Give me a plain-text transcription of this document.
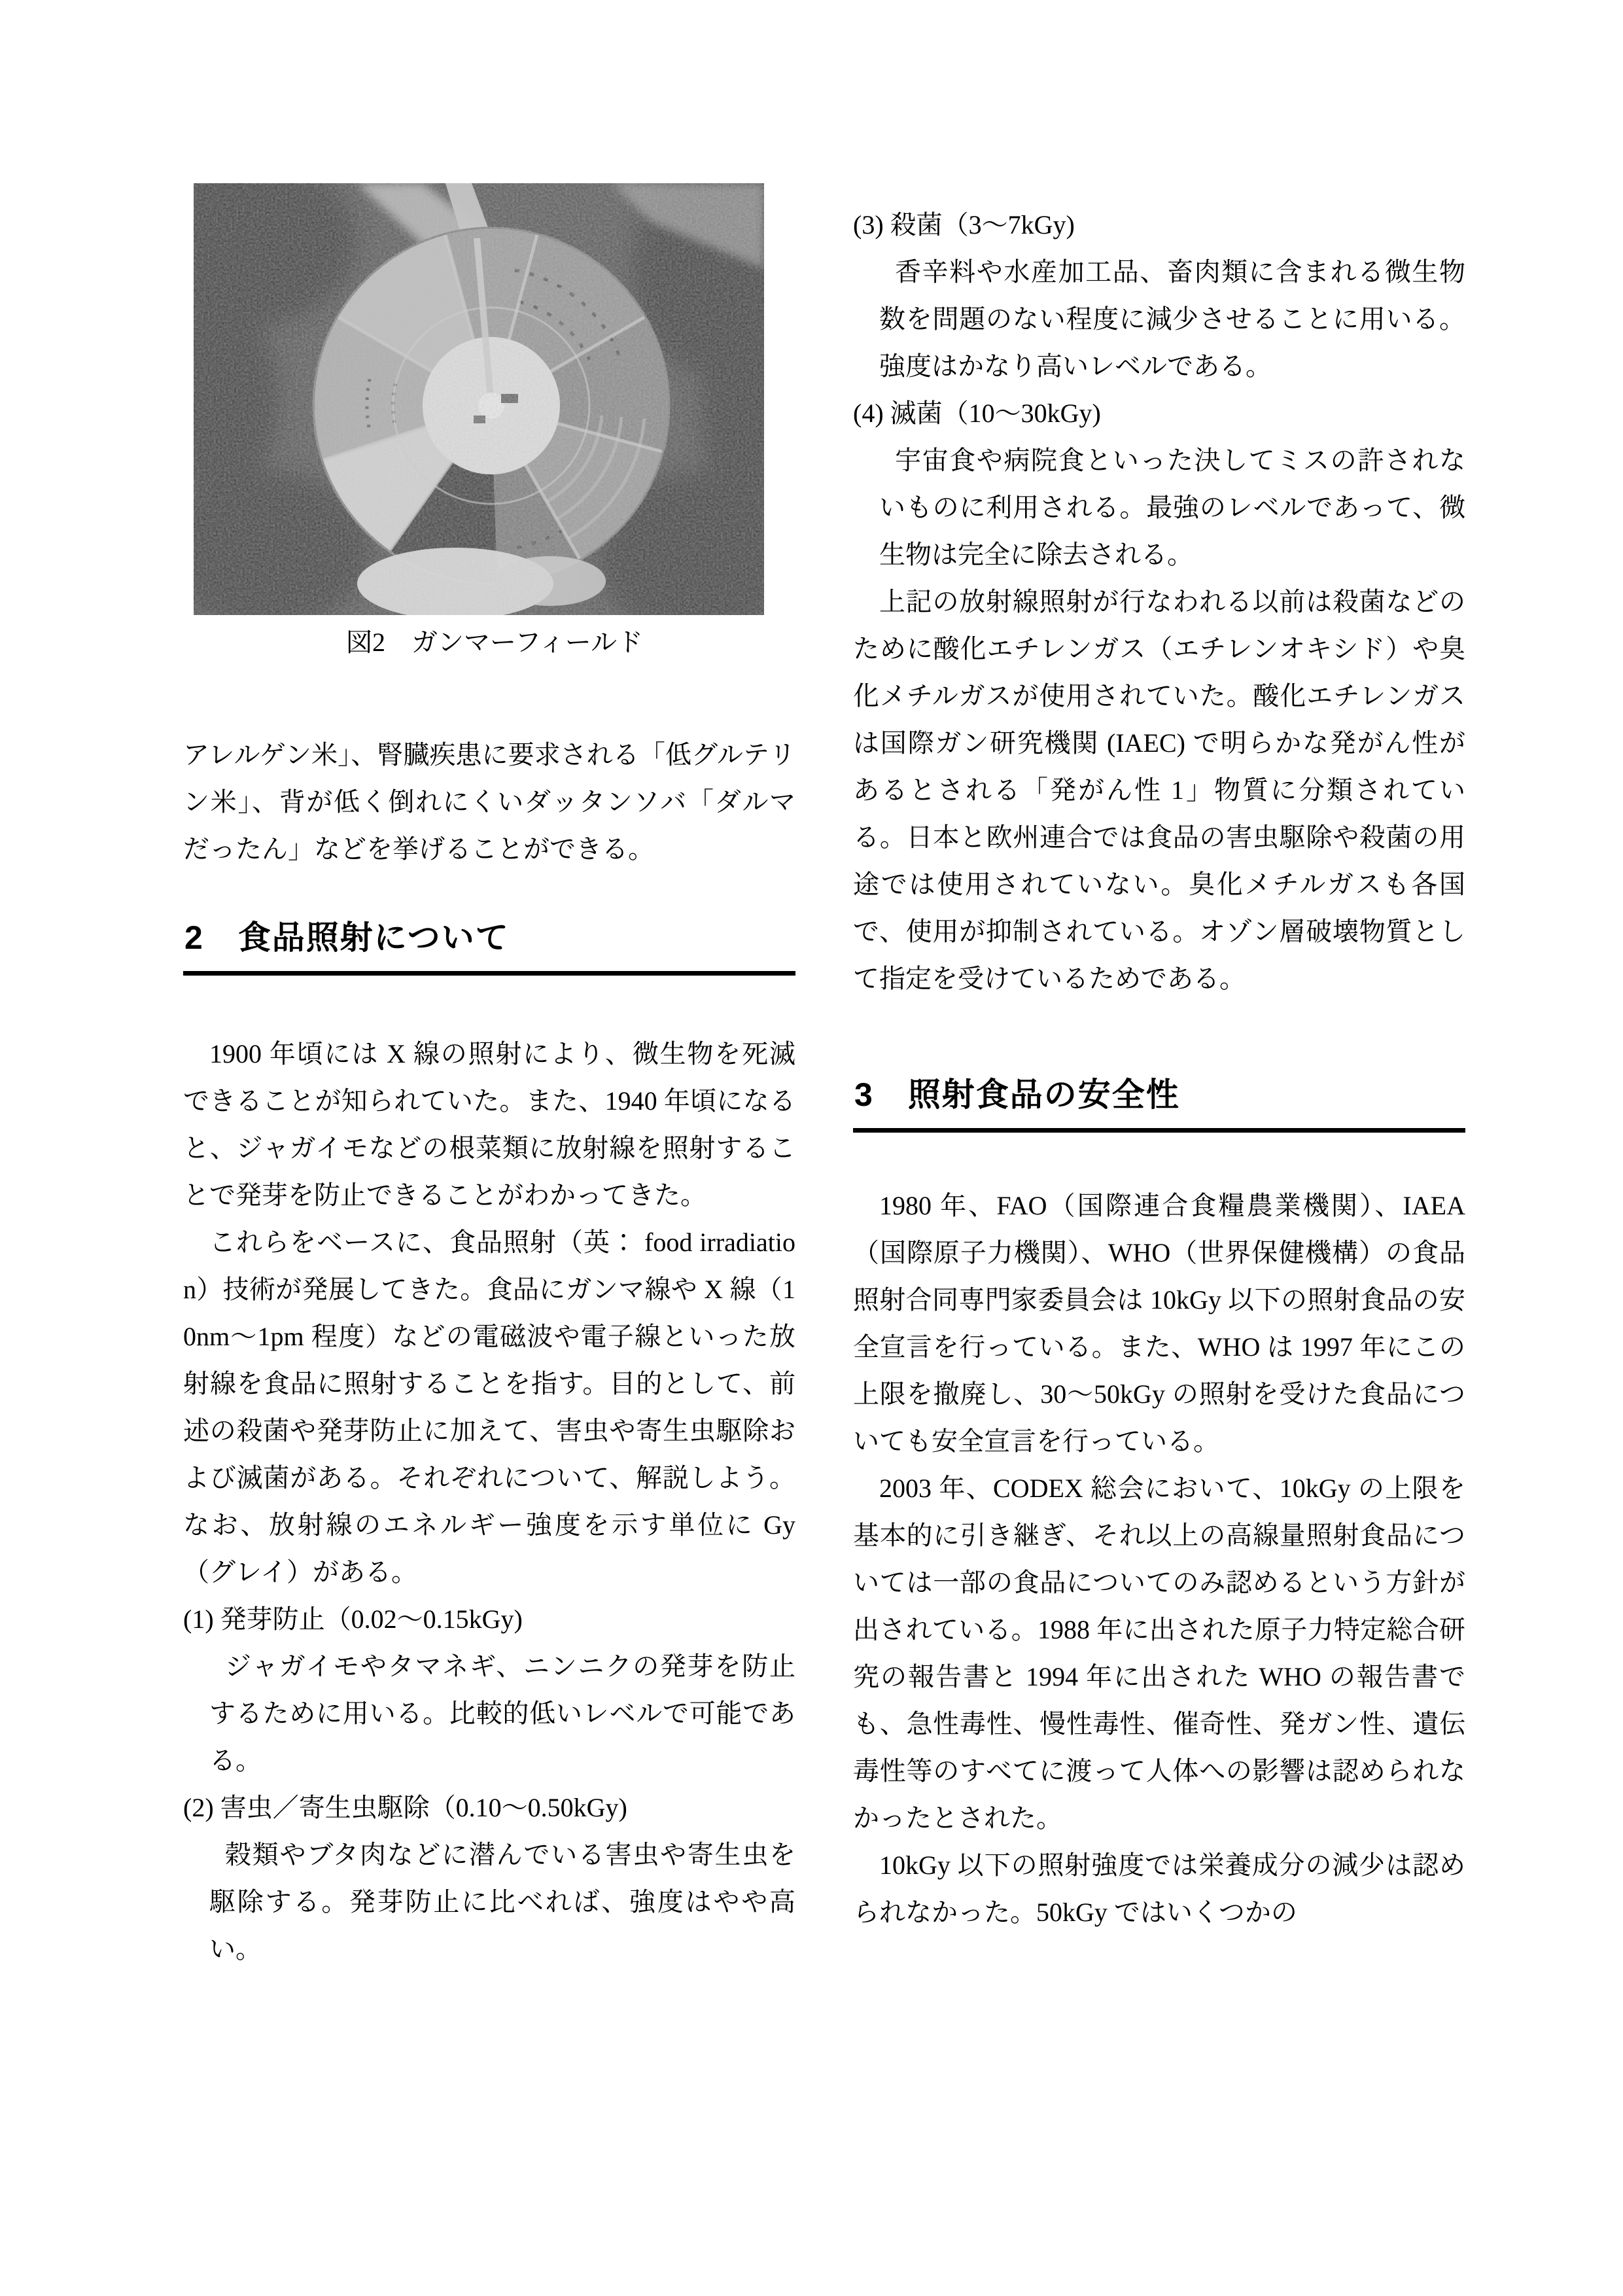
図2　ガンマーフィールド

アレルゲン米」、腎臓疾患に要求される「低グルテリン米」、背が低く倒れにくいダッタンソバ「ダルマだったん」などを挙げることができる。

2　食品照射について

1900 年頃には X 線の照射により、微生物を死滅できることが知られていた。また、1940 年頃になると、ジャガイモなどの根菜類に放射線を照射することで発芽を防止できることがわかってきた。

これらをベースに、食品照射（英： food irradiation）技術が発展してきた。食品にガンマ線や X 線（10nm～1pm 程度）などの電磁波や電子線といった放射線を食品に照射することを指す。目的として、前述の殺菌や発芽防止に加えて、害虫や寄生虫駆除および滅菌がある。それぞれについて、解説しよう。なお、放射線のエネルギー強度を示す単位に Gy（グレイ）がある。

(1) 発芽防止（0.02～0.15kGy)

ジャガイモやタマネギ、ニンニクの発芽を防止するために用いる。比較的低いレベルで可能である。

(2) 害虫／寄生虫駆除（0.10～0.50kGy)

穀類やブタ肉などに潜んでいる害虫や寄生虫を駆除する。発芽防止に比べれば、強度はやや高い。

(3) 殺菌（3～7kGy)

香辛料や水産加工品、畜肉類に含まれる微生物数を問題のない程度に減少させることに用いる。強度はかなり高いレベルである。

(4) 滅菌（10～30kGy)

宇宙食や病院食といった決してミスの許されないものに利用される。最強のレベルであって、微生物は完全に除去される。

上記の放射線照射が行なわれる以前は殺菌などのために酸化エチレンガス（エチレンオキシド）や臭化メチルガスが使用されていた。酸化エチレンガスは国際ガン研究機関 (IAEC) で明らかな発がん性があるとされる「発がん性 1」物質に分類されている。日本と欧州連合では食品の害虫駆除や殺菌の用途では使用されていない。臭化メチルガスも各国で、使用が抑制されている。オゾン層破壊物質として指定を受けているためである。

3　照射食品の安全性

1980 年、FAO（国際連合食糧農業機関）、IAEA（国際原子力機関）、WHO（世界保健機構）の食品照射合同専門家委員会は 10kGy 以下の照射食品の安全宣言を行っている。また、WHO は 1997 年にこの上限を撤廃し、30～50kGy の照射を受けた食品についても安全宣言を行っている。

2003 年、CODEX 総会において、10kGy の上限を基本的に引き継ぎ、それ以上の高線量照射食品については一部の食品についてのみ認めるという方針が出されている。1988 年に出された原子力特定総合研究の報告書と 1994 年に出された WHO の報告書でも、急性毒性、慢性毒性、催奇性、発ガン性、遺伝毒性等のすべてに渡って人体への影響は認められなかったとされた。

10kGy 以下の照射強度では栄養成分の減少は認められなかった。50kGy ではいくつかの
